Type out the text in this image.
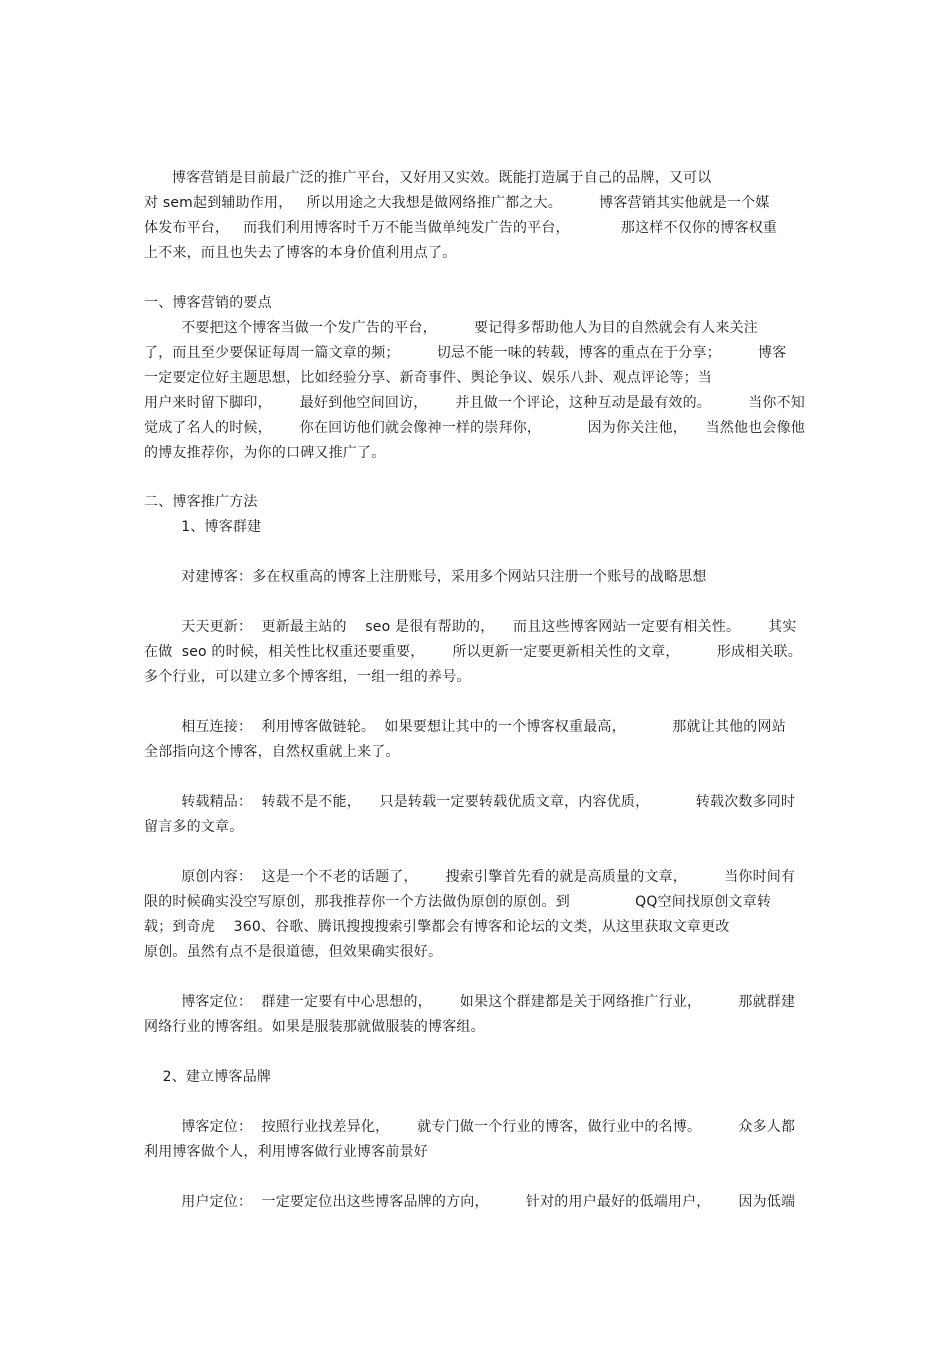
博客营销是目前最广泛的推广平台，又好用又实效。既能打造属于自己的品牌，又可以

对 sem起到辅助作用，   所以用途之大我想是做网络推广都之大。        博客营销其实他就是一个媒

体发布平台，   而我们利用博客时千万不能当做单纯发广告的平台，           那这样不仅你的博客权重

上不来，而且也失去了博客的本身价值利用点了。

一、博客营销的要点

不要把这个博客当做一个发广告的平台，        要记得多帮助他人为目的自然就会有人来关注

了，而且至少要保证每周一篇文章的频；        切忌不能一味的转载，博客的重点在于分享；        博客

一定要定位好主题思想，比如经验分享、新奇事件、舆论争议、娱乐八卦、观点评论等；当

用户来时留下脚印，      最好到他空间回访，      并且做一个评论，这种互动是最有效的。        当你不知

觉成了名人的时候，      你在回访他们就会像神一样的崇拜你，          因为你关注他，    当然他也会像他

的博友推荐你，为你的口碑又推广了。

二、博客推广方法

1、博客群建

对建博客：多在权重高的博客上注册账号，采用多个网站只注册一个账号的战略思想

天天更新：  更新最主站的    seo 是很有帮助的，    而且这些博客网站一定要有相关性。      其实

在做  seo 的时候，相关性比权重还要重要，      所以更新一定要更新相关性的文章，        形成相关联。

多个行业，可以建立多个博客组，一组一组的养号。

相互连接：  利用博客做链轮。  如果要想让其中的一个博客权重最高，          那就让其他的网站

全部指向这个博客，自然权重就上来了。

转载精品：  转载不是不能，    只是转载一定要转载优质文章，内容优质，          转载次数多同时

留言多的文章。

原创内容：  这是一个不老的话题了，      搜索引擎首先看的就是高质量的文章，        当你时间有

限的时候确实没空写原创，那我推荐你一个方法做伪原创的原创。到              QQ空间找原创文章转

载；到奇虎    360、谷歌、腾讯搜搜搜索引擎都会有博客和论坛的文类，从这里获取文章更改

原创。虽然有点不是很道德，但效果确实很好。

博客定位：  群建一定要有中心思想的，      如果这个群建都是关于网络推广行业，        那就群建

网络行业的博客组。如果是服装那就做服装的博客组。

2、建立博客品牌

博客定位：  按照行业找差异化，      就专门做一个行业的博客，做行业中的名博。        众多人都

利用博客做个人，利用博客做行业博客前景好

用户定位：  一定要定位出这些博客品牌的方向，        针对的用户最好的低端用户，      因为低端
